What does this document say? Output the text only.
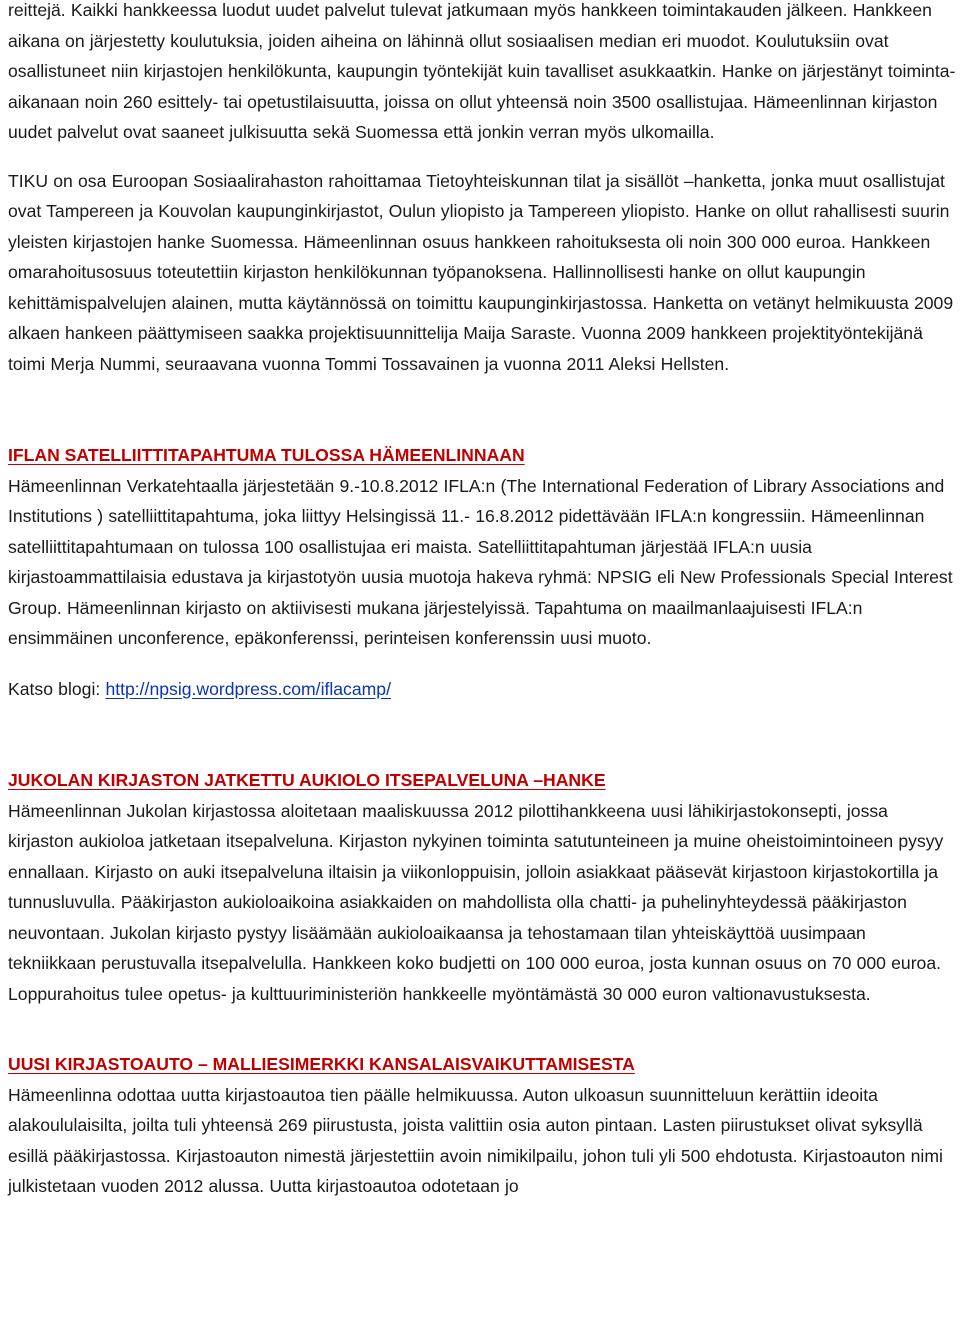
reittejä. Kaikki hankkeessa luodut uudet palvelut tulevat jatkumaan myös hankkeen toimintakauden jälkeen. Hankkeen aikana on järjestetty koulutuksia, joiden aiheina on lähinnä ollut sosiaalisen median eri muodot. Koulutuksiin ovat osallistuneet niin kirjastojen henkilökunta, kaupungin työntekijät kuin tavalliset asukkaatkin. Hanke on järjestänyt toiminta-aikanaan noin 260 esittely- tai opetustilaisuutta, joissa on ollut yhteensä noin 3500 osallistujaa. Hämeenlinnan kirjaston uudet palvelut ovat saaneet julkisuutta sekä Suomessa että jonkin verran myös ulkomailla.

TIKU on osa Euroopan Sosiaalirahaston rahoittamaa Tietoyhteiskunnan tilat ja sisällöt –hanketta, jonka muut osallistujat ovat Tampereen ja Kouvolan kaupunginkirjastot, Oulun yliopisto ja Tampereen yliopisto. Hanke on ollut rahallisesti suurin yleisten kirjastojen hanke Suomessa. Hämeenlinnan osuus hankkeen rahoituksesta oli noin 300 000 euroa. Hankkeen omarahoitusosuus toteutettiin kirjaston henkilökunnan työpanoksena. Hallinnollisesti hanke on ollut kaupungin kehittämispalvelujen alainen, mutta käytännössä on toimittu kaupunginkirjastossa. Hanketta on vetänyt helmikuusta 2009 alkaen hankeen päättymiseen saakka projektisuunnittelija Maija Saraste. Vuonna 2009 hankkeen projektityöntekijänä toimi Merja Nummi, seuraavana vuonna Tommi Tossavainen ja vuonna 2011 Aleksi Hellsten.

IFLAN SATELLIITTITAPAHTUMA TULOSSA HÄMEENLINNAAN

Hämeenlinnan Verkatehtaalla järjestetään 9.-10.8.2012 IFLA:n (The International Federation of Library Associations and Institutions ) satelliittitapahtuma, joka liittyy Helsingissä 11.- 16.8.2012 pidettävään IFLA:n kongressiin. Hämeenlinnan satelliittitapahtumaan on tulossa 100 osallistujaa eri maista. Satelliittitapahtuman järjestää IFLA:n uusia kirjastoammattilaisia edustava ja kirjastotyön uusia muotoja hakeva ryhmä: NPSIG eli New Professionals Special Interest Group. Hämeenlinnan kirjasto on aktiivisesti mukana järjestelyissä. Tapahtuma on maailmanlaajuisesti IFLA:n ensimmäinen unconference, epäkonferenssi, perinteisen konferenssin uusi muoto.

Katso blogi: http://npsig.wordpress.com/iflacamp/

JUKOLAN KIRJASTON JATKETTU AUKIOLO ITSEPALVELUNA –HANKE

Hämeenlinnan Jukolan kirjastossa aloitetaan maaliskuussa 2012 pilottihankkeena uusi lähikirjastokonsepti, jossa kirjaston aukioloa jatketaan itsepalveluna. Kirjaston nykyinen toiminta satutunteineen ja muine oheistoimintoineen pysyy ennallaan. Kirjasto on auki itsepalveluna iltaisin ja viikonloppuisin, jolloin asiakkaat pääsevät kirjastoon kirjastokortilla ja tunnusluvulla. Pääkirjaston aukioloaikoina asiakkaiden on mahdollista olla chatti- ja puhelinyhteydessä pääkirjaston neuvontaan. Jukolan kirjasto pystyy lisäämään aukioloaikaansa ja tehostamaan tilan yhteiskäyttöä uusimpaan tekniikkaan perustuvalla itsepalvelulla. Hankkeen koko budjetti on 100 000 euroa, josta kunnan osuus on 70 000 euroa. Loppurahoitus tulee opetus- ja kulttuuriministeriön hankkeelle myöntämästä 30 000 euron valtionavustuksesta.

UUSI KIRJASTOAUTO – MALLIESIMERKKI KANSALAISVAIKUTTAMISESTA

Hämeenlinna odottaa uutta kirjastoautoa tien päälle helmikuussa. Auton ulkoasun suunnitteluun kerättiin ideoita alakoululaisilta, joilta tuli yhteensä 269 piirustusta, joista valittiin osia auton pintaan. Lasten piirustukset olivat syksyllä esillä pääkirjastossa. Kirjastoauton nimestä järjestettiin avoin nimikilpailu, johon tuli yli 500 ehdotusta. Kirjastoauton nimi julkistetaan vuoden 2012 alussa. Uutta kirjastoautoa odotetaan jo
